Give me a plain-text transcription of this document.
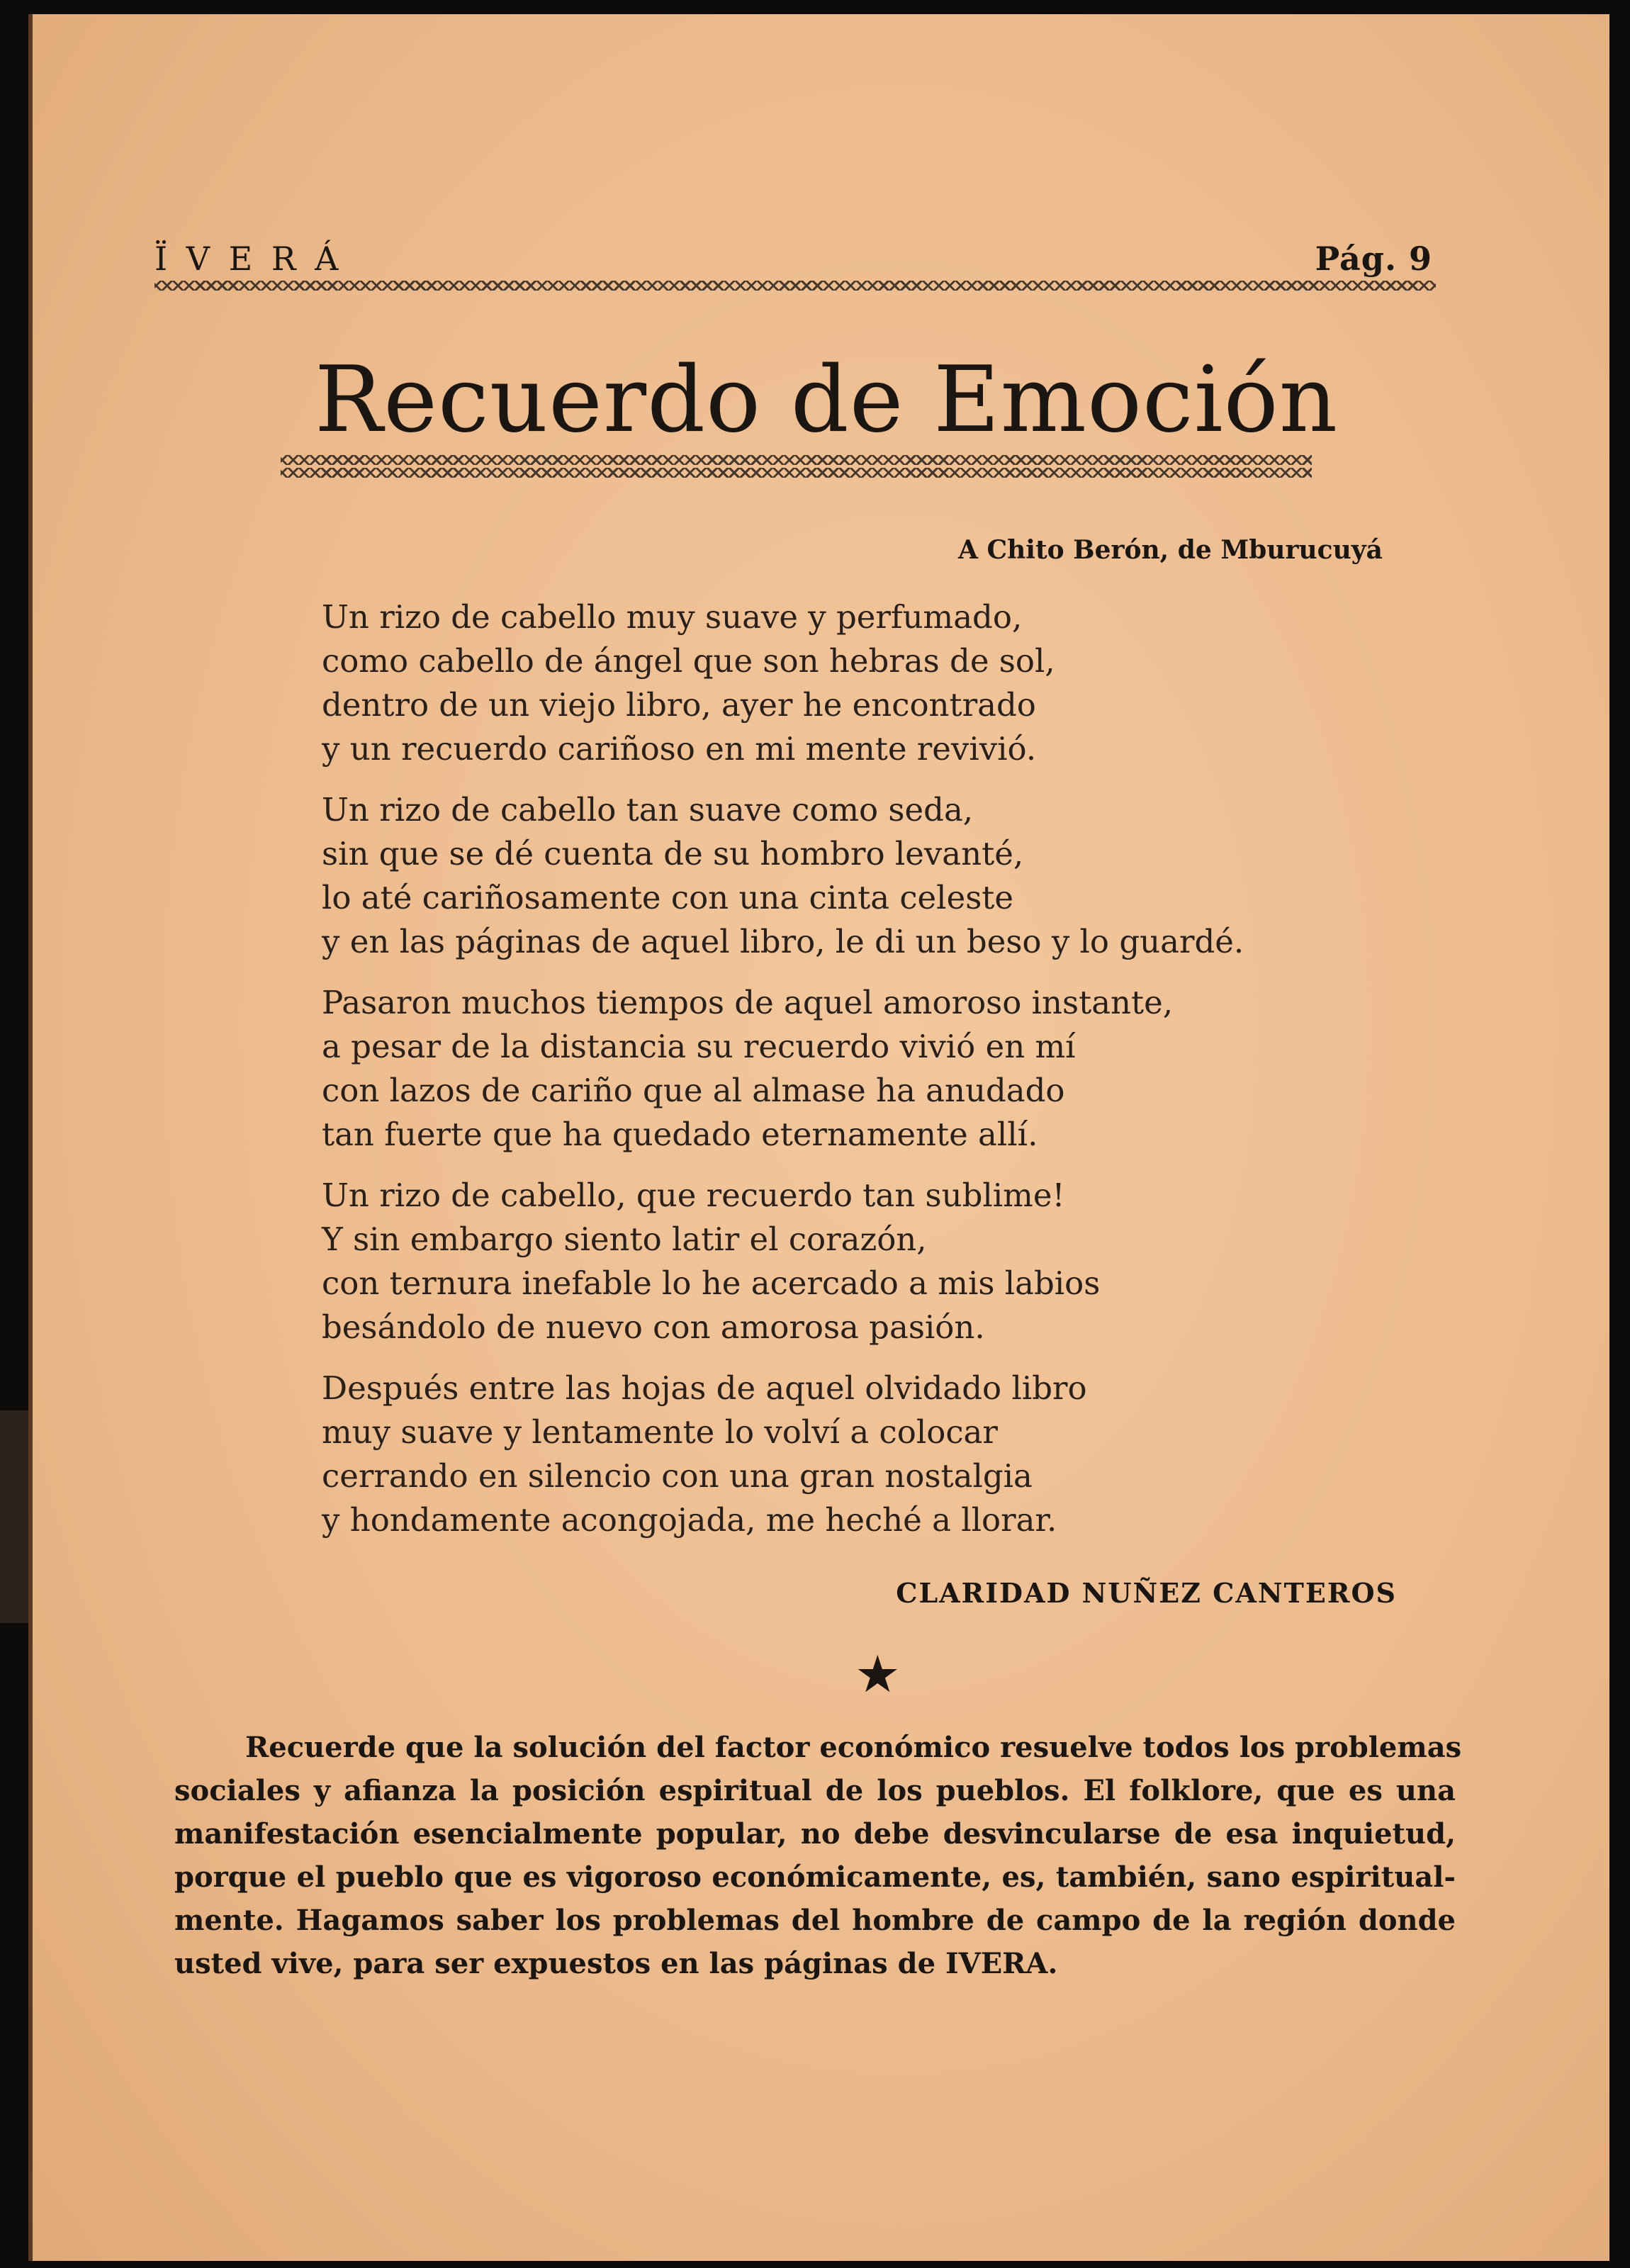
Ï V E R Á	Pág. 9
Recuerdo de Emoción
A Chito Berón, de Mburucuyá
Un rizo de cabello muy suave y perfumado,
como cabello de ángel que son hebras de sol,
dentro de un viejo libro, ayer he encontrado
y un recuerdo cariñoso en mi mente revivió.
Un rizo de cabello tan suave como seda,
sin que se dé cuenta de su hombro levanté,
lo até cariñosamente con una cinta celeste
y en las páginas de aquel libro, le di un beso y lo guardé.
Pasaron muchos tiempos de aquel amoroso instante,
a pesar de la distancia su recuerdo vivió en mí
con lazos de cariño que al almase ha anudado
tan fuerte que ha quedado eternamente allí.
Un rizo de cabello, que recuerdo tan sublime!
Y sin embargo siento latir el corazón,
con ternura inefable lo he acercado a mis labios
besándolo de nuevo con amorosa pasión.
Después entre las hojas de aquel olvidado libro
muy suave y lentamente lo volví a colocar
cerrando en silencio con una gran nostalgia
y hondamente acongojada, me heché a llorar.
CLARIDAD NUÑEZ CANTEROS
★
Recuerde que la solución del factor económico resuelve todos los problemas
sociales y afianza la posición espiritual de los pueblos. El folklore, que es una
manifestación esencialmente popular, no debe desvincularse de esa inquietud,
porque el pueblo que es vigoroso económicamente, es, también, sano espiritual-
mente. Hagamos saber los problemas del hombre de campo de la región donde
usted vive, para ser expuestos en las páginas de IVERA.
